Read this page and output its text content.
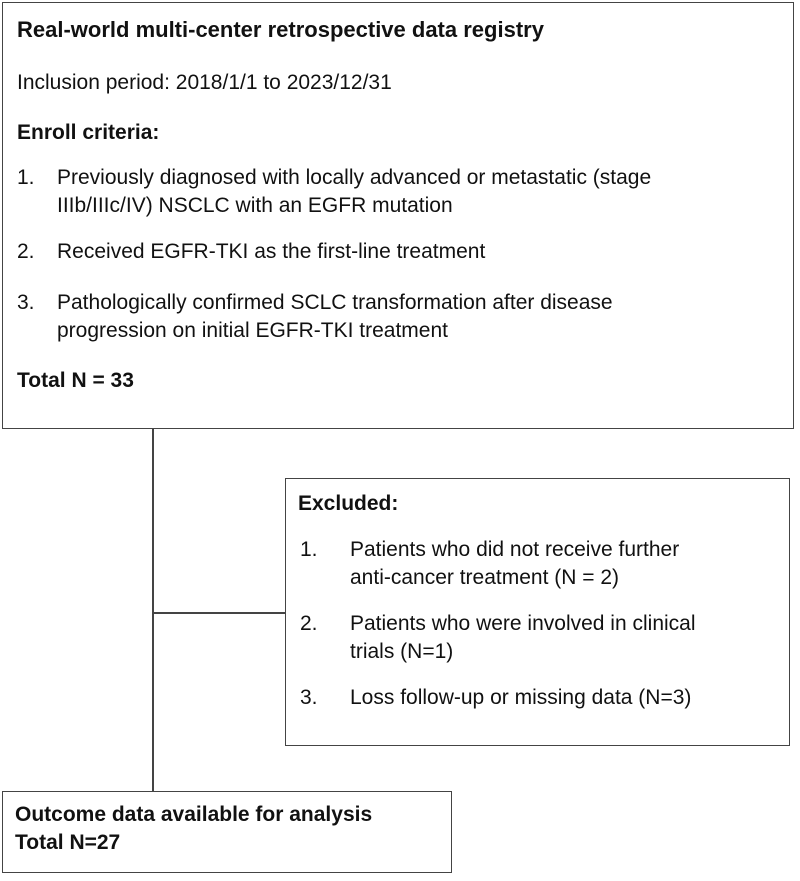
Real-world multi-center retrospective data registry
Inclusion period: 2018/1/1 to 2023/12/31
Enroll criteria:
1. Previously diagnosed with locally advanced or metastatic (stage
IIIb/IIIc/IV) NSCLC with an EGFR mutation
2. Received EGFR-TKI as the first-line treatment
3. Pathologically confirmed SCLC transformation after disease
progression on initial EGFR-TKI treatment
Total N = 33
Excluded:
1. Patients who did not receive further
anti-cancer treatment (N = 2)
2. Patients who were involved in clinical
trials (N=1)
3. Loss follow-up or missing data (N=3)
Outcome data available for analysis
Total N=27
